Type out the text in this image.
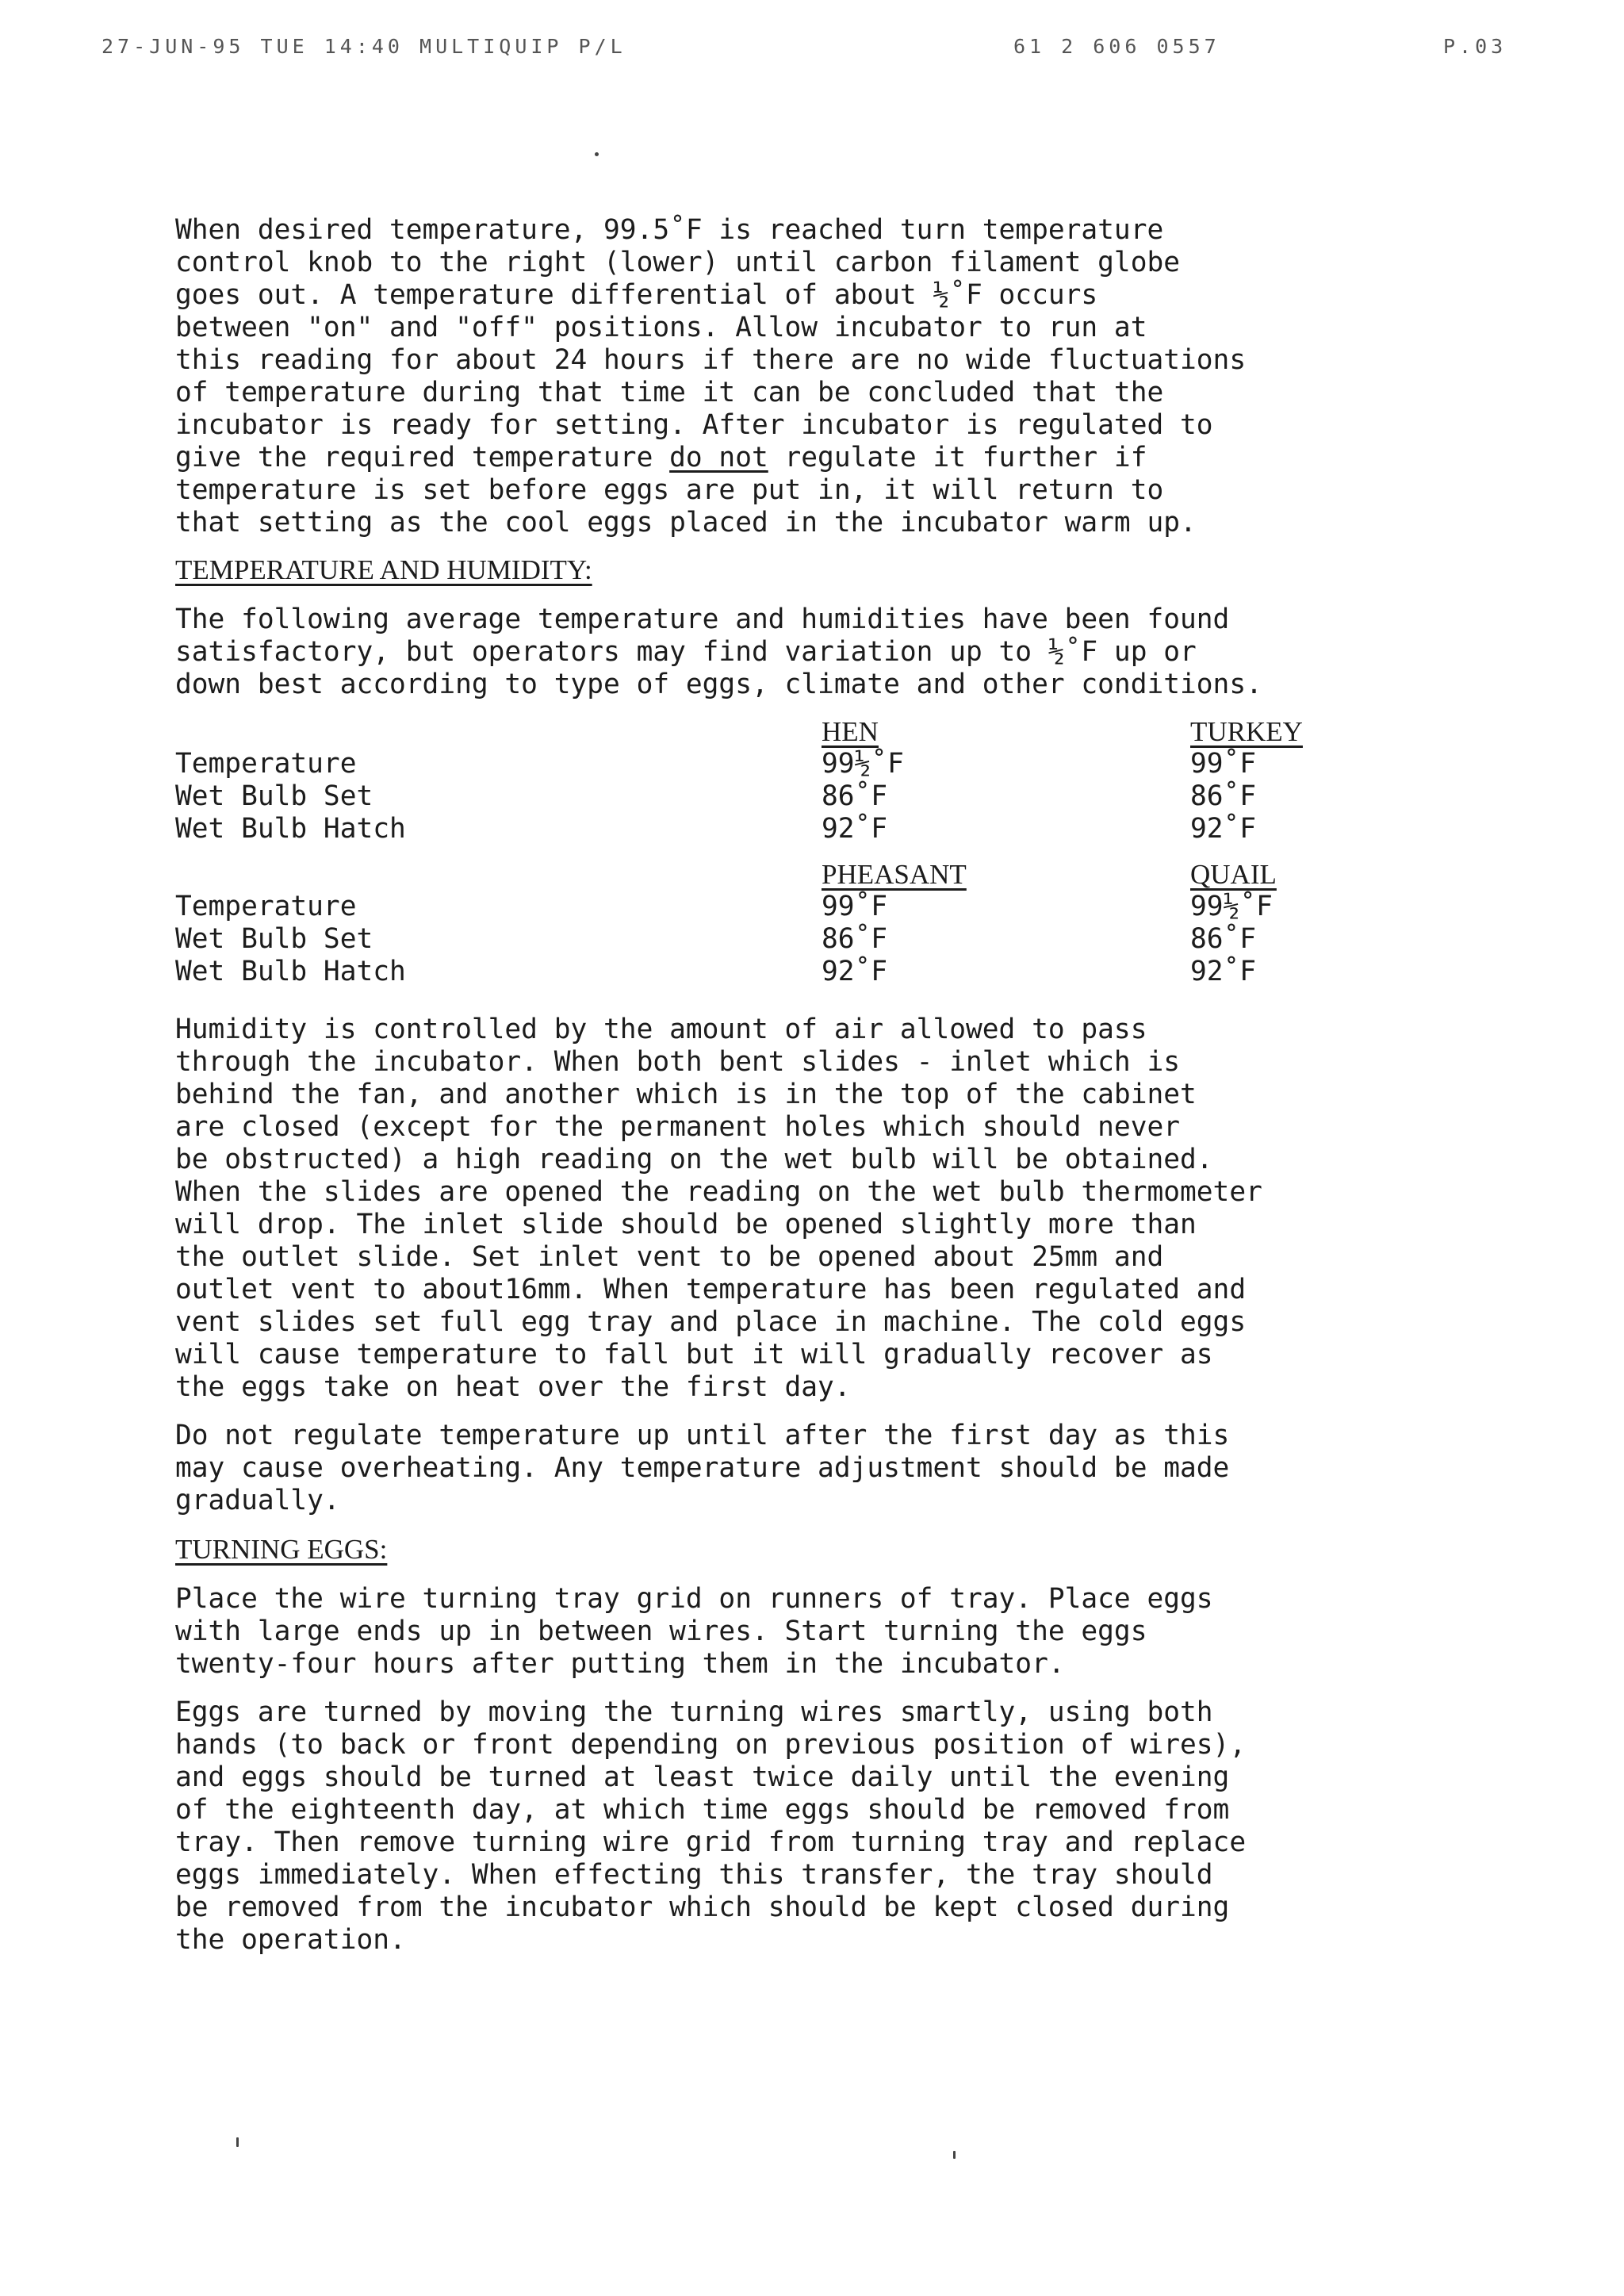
27-JUN-95 TUE 14:40 MULTIQUIP P/L	61 2 606 0557	P.03

When desired temperature, 99.5˚F is reached turn temperature
control knob to the right (lower) until carbon filament globe
goes out. A temperature differential of about ½˚F occurs
between "on" and "off" positions. Allow incubator to run at
this reading for about 24 hours if there are no wide fluctuations
of temperature during that time it can be concluded that the
incubator is ready for setting. After incubator is regulated to
give the required temperature do not regulate it further if
temperature is set before eggs are put in, it will return to
that setting as the cool eggs placed in the incubator warm up.

TEMPERATURE AND HUMIDITY:

The following average temperature and humidities have been found
satisfactory, but operators may find variation up to ½˚F up or
down best according to type of eggs, climate and other conditions.

	HEN	TURKEY
Temperature	99½˚F	99˚F
Wet Bulb Set	86˚F	86˚F
Wet Bulb Hatch	92˚F	92˚F

	PHEASANT	QUAIL
Temperature	99˚F	99½˚F
Wet Bulb Set	86˚F	86˚F
Wet Bulb Hatch	92˚F	92˚F

Humidity is controlled by the amount of air allowed to pass
through the incubator. When both bent slides - inlet which is
behind the fan, and another which is in the top of the cabinet
are closed (except for the permanent holes which should never
be obstructed) a high reading on the wet bulb will be obtained.
When the slides are opened the reading on the wet bulb thermometer
will drop. The inlet slide should be opened slightly more than
the outlet slide. Set inlet vent to be opened about 25mm and
outlet vent to about16mm. When temperature has been regulated and
vent slides set full egg tray and place in machine. The cold eggs
will cause temperature to fall but it will gradually recover as
the eggs take on heat over the first day.

Do not regulate temperature up until after the first day as this
may cause overheating. Any temperature adjustment should be made
gradually.

TURNING EGGS:

Place the wire turning tray grid on runners of tray. Place eggs
with large ends up in between wires. Start turning the eggs
twenty-four hours after putting them in the incubator.

Eggs are turned by moving the turning wires smartly, using both
hands (to back or front depending on previous position of wires),
and eggs should be turned at least twice daily until the evening
of the eighteenth day, at which time eggs should be removed from
tray. Then remove turning wire grid from turning tray and replace
eggs immediately. When effecting this transfer, the tray should
be removed from the incubator which should be kept closed during
the operation.
